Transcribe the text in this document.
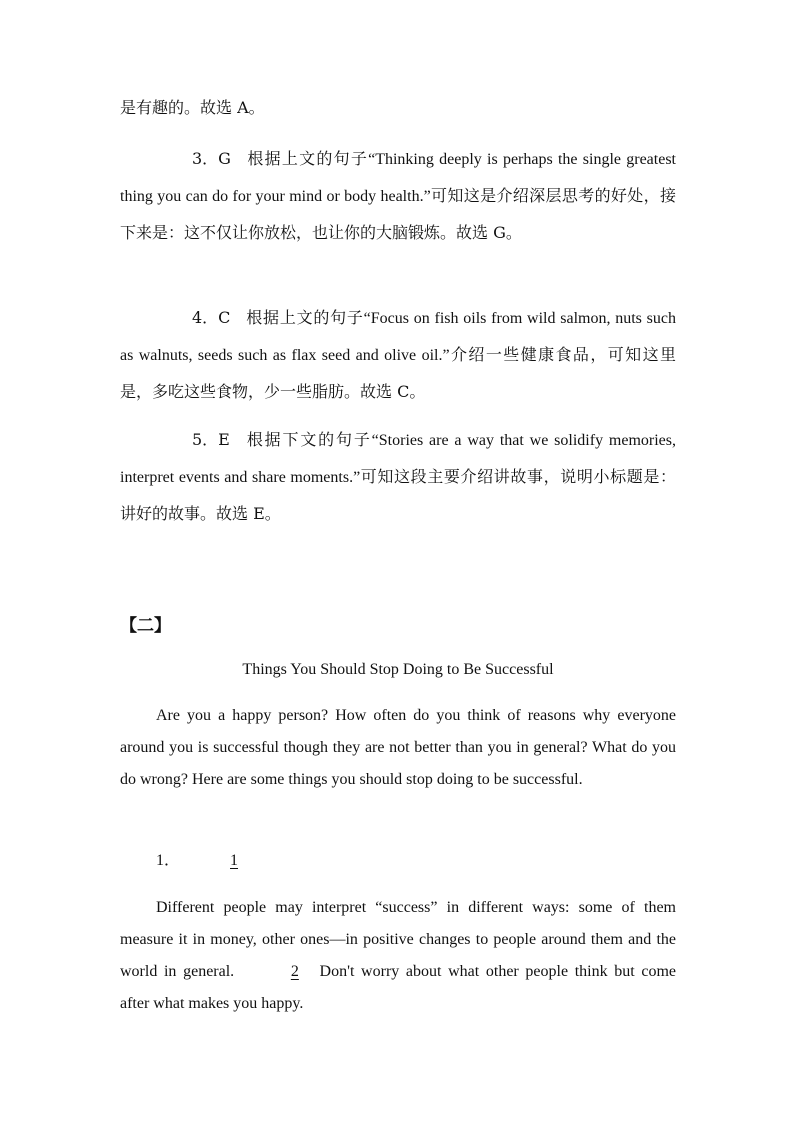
是有趣的。故选 A。

3．G 根据上文的句子“Thinking deeply is perhaps the single greatest thing you can do for your mind or body health.”可知这是介绍深层思考的好处，接下来是：这不仅让你放松，也让你的大脑锻炼。故选 G。

4．C 根据上文的句子“Focus on fish oils from wild salmon, nuts such as walnuts, seeds such as flax seed and olive oil.”介绍一些健康食品，可知这里是，多吃这些食物，少一些脂肪。故选 C。

5．E 根据下文的句子“Stories are a way that we solidify memories, interpret events and share moments.”可知这段主要介绍讲故事，说明小标题是：讲好的故事。故选 E。

【二】
Things You Should Stop Doing to Be Successful

Are you a happy person? How often do you think of reasons why everyone around you is successful though they are not better than you in general? What do you do wrong? Here are some things you should stop doing to be successful.

1．	1

Different people may interpret “success” in different ways: some of them measure it in money, other ones—in positive changes to people around them and the world in general.	2 Don't worry about what other people think but come after what makes you happy.
